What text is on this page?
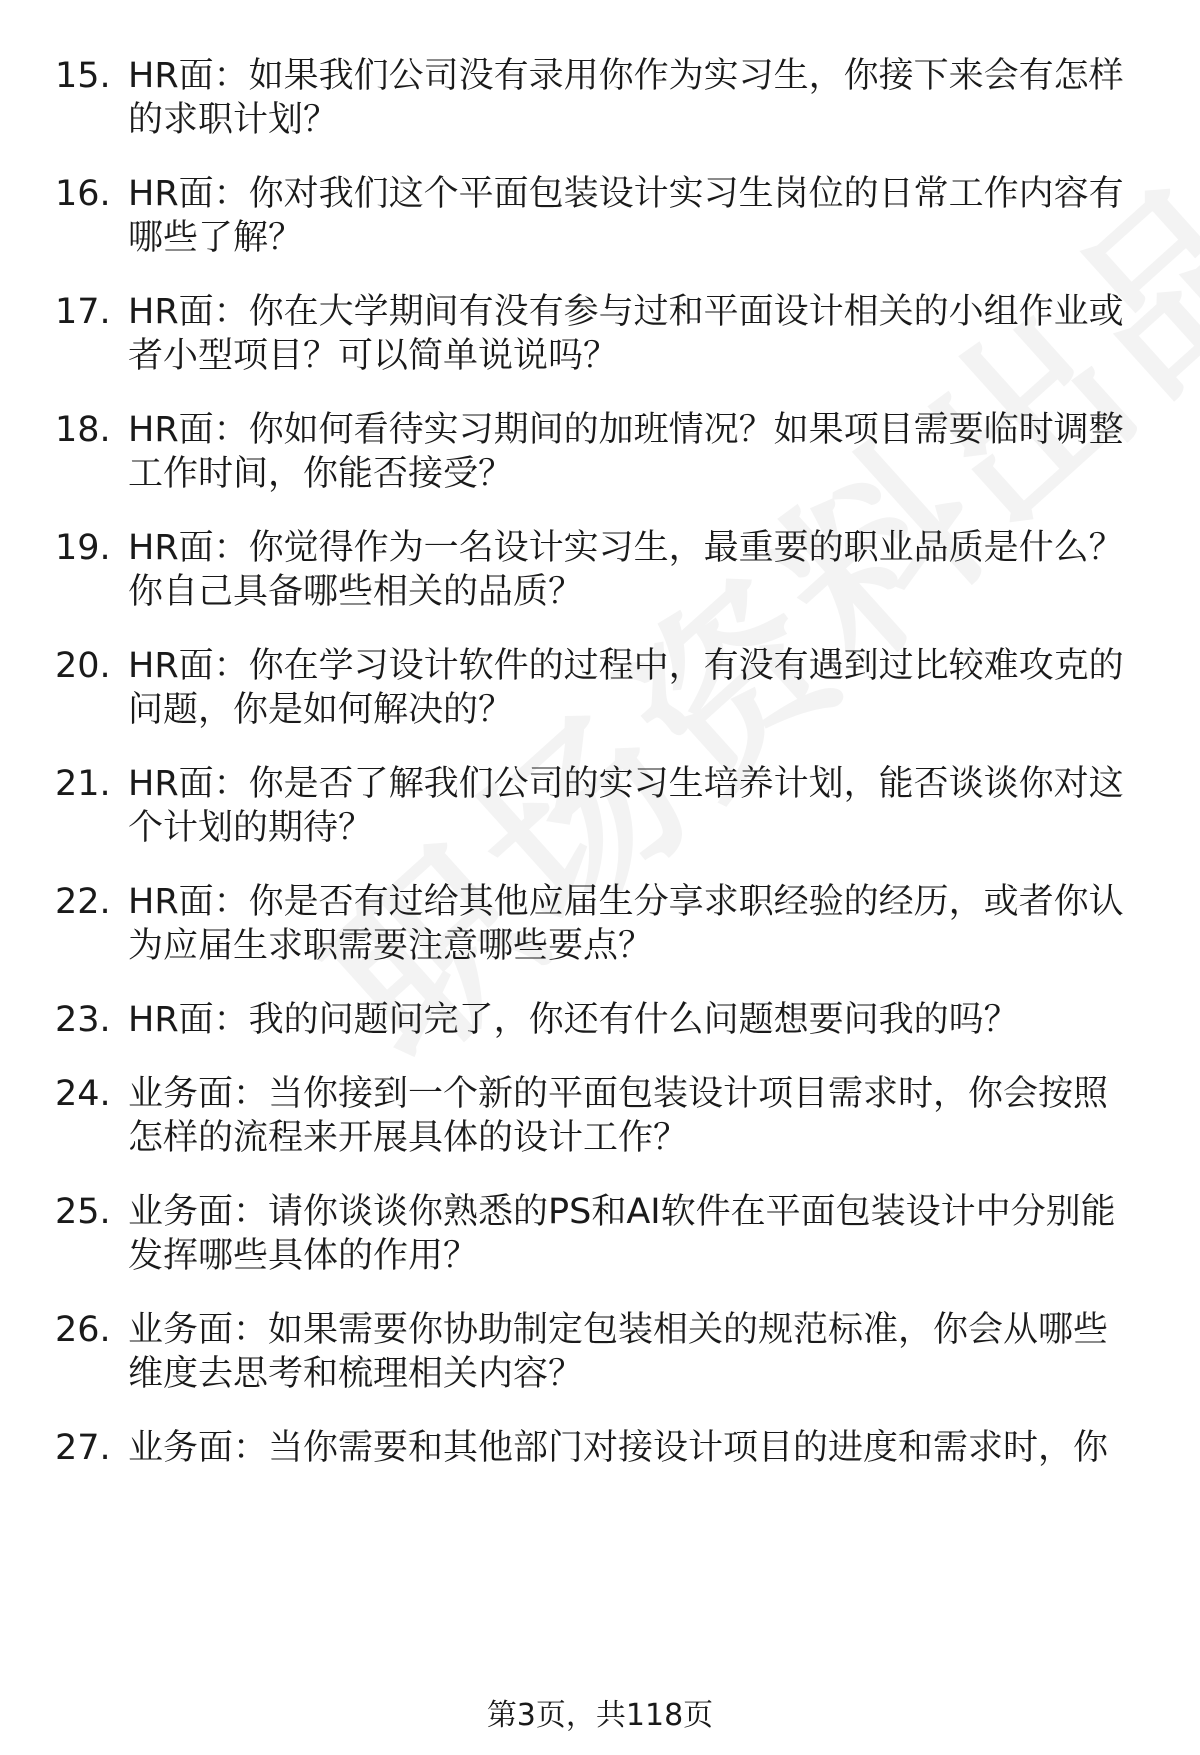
15. HR面：如果我们公司没有录用你作为实习生，你接下来会有怎样
的求职计划？
16. HR面：你对我们这个平面包装设计实习生岗位的日常工作内容有
哪些了解？
17. HR面：你在大学期间有没有参与过和平面设计相关的小组作业或
者小型项目？可以简单说说吗？
18. HR面：你如何看待实习期间的加班情况？如果项目需要临时调整
工作时间，你能否接受？
19. HR面：你觉得作为一名设计实习生，最重要的职业品质是什么？
你自己具备哪些相关的品质？
20. HR面：你在学习设计软件的过程中，有没有遇到过比较难攻克的
问题，你是如何解决的？
21. HR面：你是否了解我们公司的实习生培养计划，能否谈谈你对这
个计划的期待？
22. HR面：你是否有过给其他应届生分享求职经验的经历，或者你认
为应届生求职需要注意哪些要点？
23. HR面：我的问题问完了，你还有什么问题想要问我的吗？
24. 业务面：当你接到一个新的平面包装设计项目需求时，你会按照
怎样的流程来开展具体的设计工作？
25. 业务面：请你谈谈你熟悉的PS和AI软件在平面包装设计中分别能
发挥哪些具体的作用？
26. 业务面：如果需要你协助制定包装相关的规范标准，你会从哪些
维度去思考和梳理相关内容？
27. 业务面：当你需要和其他部门对接设计项目的进度和需求时，你
第3页，共118页
